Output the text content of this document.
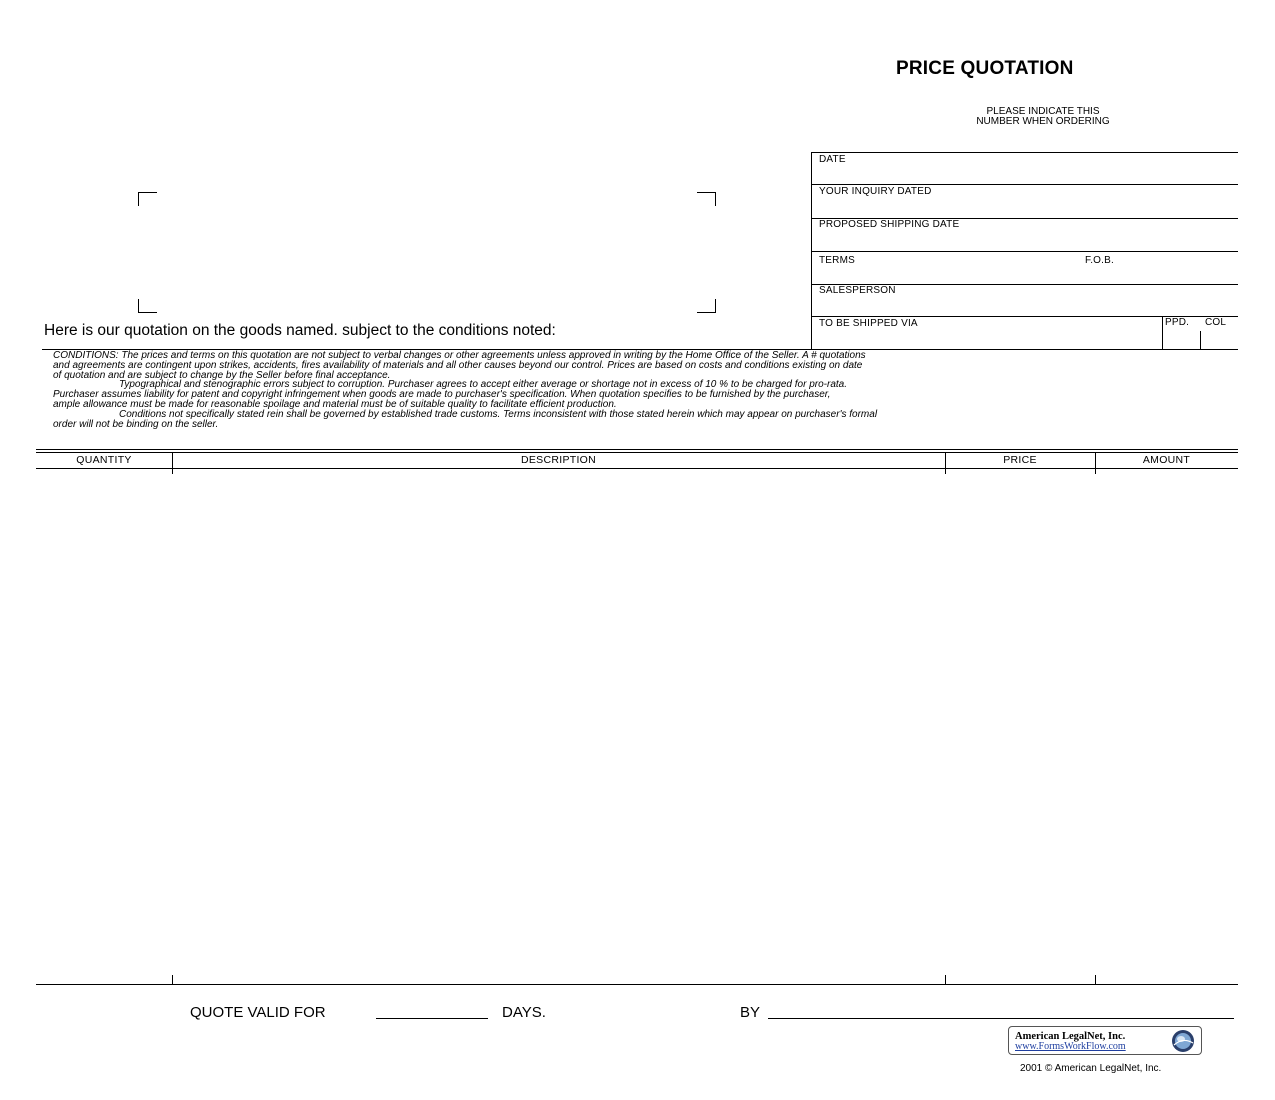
PRICE QUOTATION
PLEASE INDICATE THIS
NUMBER WHEN ORDERING
Here is our quotation on the goods named. subject to the conditions noted:
DATE
YOUR INQUIRY DATED
PROPOSED SHIPPING DATE
TERMS	F.O.B.
SALESPERSON
TO BE SHIPPED VIA	PPD. COL

CONDITIONS: The prices and terms on this quotation are not subject to verbal changes or other agreements unless approved in writing by the Home Office of the Seller. A # quotations

and agreements are contingent upon strikes, accidents, fires availability of materials and all other causes beyond our control. Prices are based on costs and conditions existing on date

of quotation and are subject to change by the Seller before final acceptance.

Typographical and stenographic errors subject to corruption. Purchaser agrees to accept either average or shortage not in excess of 10 % to be charged for pro-rata.

Purchaser assumes liability for patent and copyright infringement when goods are made to purchaser's specification. When quotation specifies to be furnished by the purchaser,

ample allowance must be made for reasonable spoilage and material must be of suitable quality to facilitate efficient production.

Conditions not specifically stated rein shall be governed by established trade customs. Terms inconsistent with those stated herein which may appear on purchaser's formal

order will not be binding on the seller.

QUANTITY	DESCRIPTION	PRICE	AMOUNT
QUOTE VALID FOR	DAYS.	BY
American LegalNet, Inc.
www.FormsWorkFlow.com
2001 © American LegalNet, Inc.
